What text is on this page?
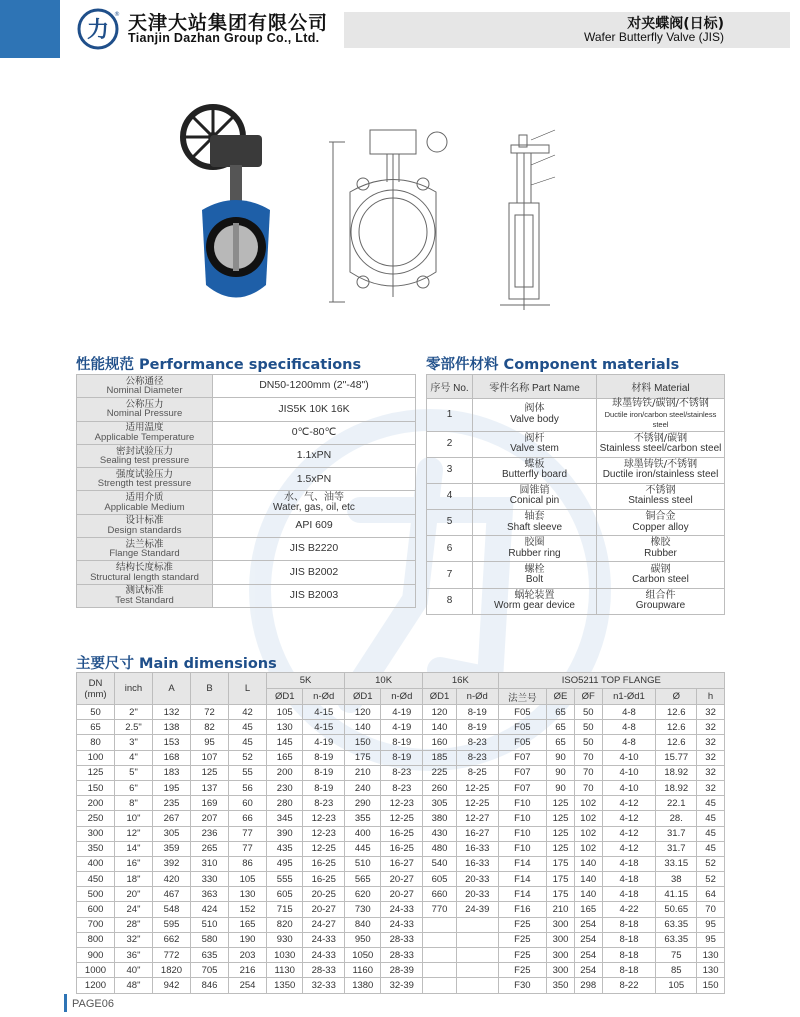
力
® 天津大站集团有限公司
Tianjin Dazhan Group Co., Ltd.
对夹蝶阀(日标)
Wafer Butterfly Valve (JIS)
性能规范 Performance specifications
公称通径
Nominal Diameter	DN50-1200mm (2"-48")

公称压力
Nominal Pressure	JIS5K 10K 16K

适用温度
Applicable Temperature	0℃-80℃

密封试验压力
Sealing test pressure	1.1xPN

强度试验压力
Strength test pressure	1.5xPN

适用介质
Applicable Medium	水、气、油等
Water, gas, oil, etc

设计标准
Design standards	API 609

法兰标准
Flange Standard	JIS B2220

结构长度标准
Structural length standard	JIS B2002

测试标准
Test Standard	JIS B2003
零部件材料 Component materials
序号 No.	零件名称 Part Name	材料 Material
1	阀体
Valve body	球墨铸铁/碳钢/不锈钢
Ductile iron/carbon steel/stainless steel

2	阀杆
Valve stem	不锈钢/碳钢
Stainless steel/carbon steel

3	蝶板
Butterfly board	球墨铸铁/不锈钢
Ductile iron/stainless steel

4	圆锥销
Conical pin	不锈钢
Stainless steel

5	轴套
Shaft sleeve	铜合金
Copper alloy

6	胶圈
Rubber ring	橡胶
Rubber

7	螺栓
Bolt	碳钢
Carbon steel

8	蜗轮装置
Worm gear device	组合件
Groupware
主要尺寸 Main dimensions
DN
(mm)	inch	A	B	L	5K		10K		16K		ISO5211 TOP FLANGE					
					ØD1	n-Ød	ØD1	n-Ød	ØD1	n-Ød	法兰号	ØE	ØF	n1-Ød1	Ø	h
50	2"	132	72	42	105	4-15	120	4-19	120	8-19	F05	65	50	4-8	12.6	32
65	2.5"	138	82	45	130	4-15	140	4-19	140	8-19	F05	65	50	4-8	12.6	32
80	3"	153	95	45	145	4-19	150	8-19	160	8-23	F05	65	50	4-8	12.6	32
100	4"	168	107	52	165	8-19	175	8-19	185	8-23	F07	90	70	4-10	15.77	32
125	5"	183	125	55	200	8-19	210	8-23	225	8-25	F07	90	70	4-10	18.92	32
150	6"	195	137	56	230	8-19	240	8-23	260	12-25	F07	90	70	4-10	18.92	32
200	8"	235	169	60	280	8-23	290	12-23	305	12-25	F10	125	102	4-12	22.1	45
250	10"	267	207	66	345	12-23	355	12-25	380	12-27	F10	125	102	4-12	28.	45
300	12"	305	236	77	390	12-23	400	16-25	430	16-27	F10	125	102	4-12	31.7	45
350	14"	359	265	77	435	12-25	445	16-25	480	16-33	F10	125	102	4-12	31.7	45
400	16"	392	310	86	495	16-25	510	16-27	540	16-33	F14	175	140	4-18	33.15	52
450	18"	420	330	105	555	16-25	565	20-27	605	20-33	F14	175	140	4-18	38	52
500	20"	467	363	130	605	20-25	620	20-27	660	20-33	F14	175	140	4-18	41.15	64
600	24"	548	424	152	715	20-27	730	24-33	770	24-39	F16	210	165	4-22	50.65	70
700	28"	595	510	165	820	24-27	840	24-33			F25	300	254	8-18	63.35	95
800	32"	662	580	190	930	24-33	950	28-33			F25	300	254	8-18	63.35	95
900	36"	772	635	203	1030	24-33	1050	28-33			F25	300	254	8-18	75	130
1000	40"	1820	705	216	1130	28-33	1160	28-39			F25	300	254	8-18	85	130
1200	48"	942	846	254	1350	32-33	1380	32-39			F30	350	298	8-22	105	150
PAGE06
